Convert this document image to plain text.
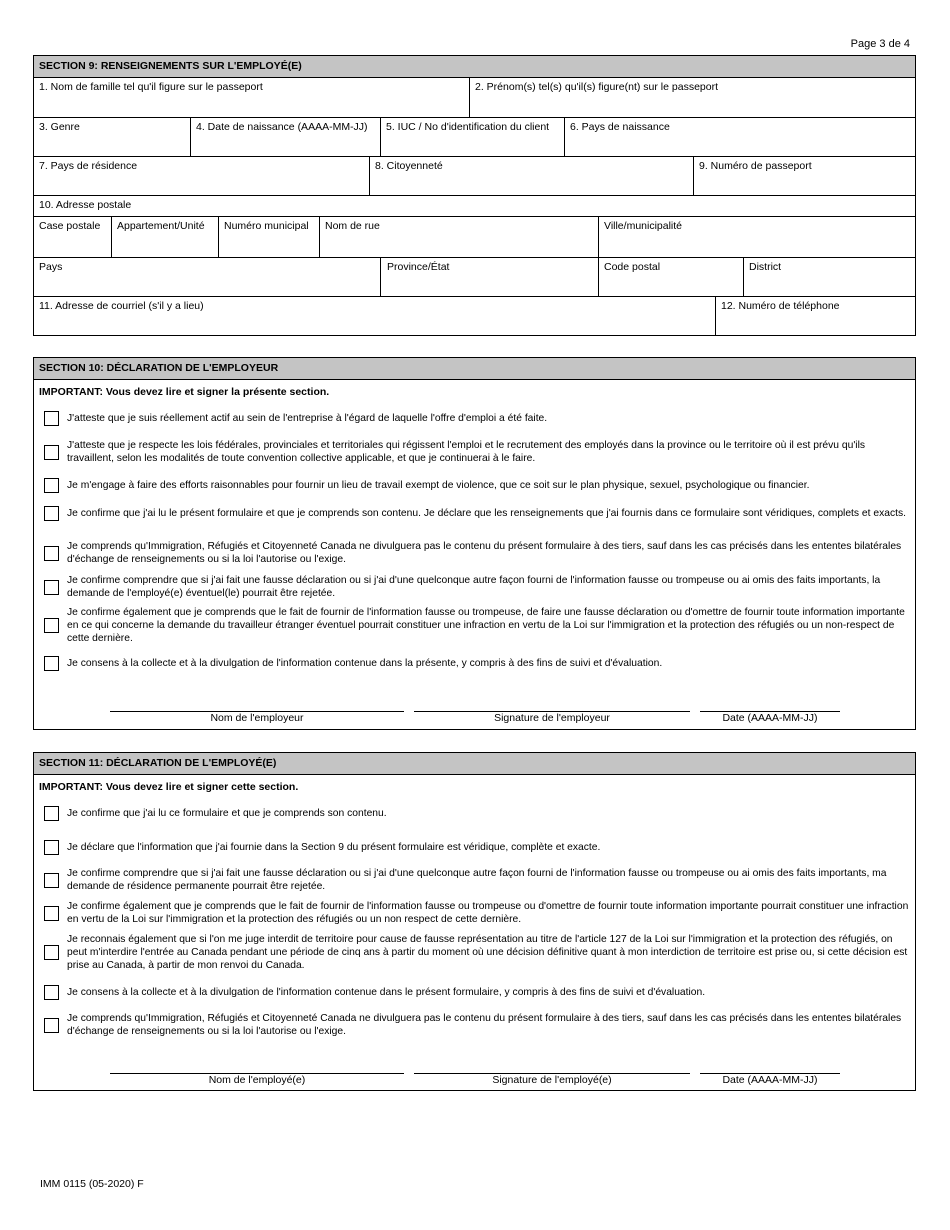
Page 3 de 4
SECTION 9: RENSEIGNEMENTS SUR L'EMPLOYÉ(E)
1. Nom de famille tel qu'il figure sur le passeport	2. Prénom(s) tel(s) qu'il(s) figure(nt) sur le passeport
3. Genre	4. Date de naissance (AAAA-MM-JJ)	5. IUC / No d'identification du client	6. Pays de naissance
7. Pays de résidence	8. Citoyenneté	9. Numéro de passeport
10. Adresse postale
Case postale	Appartement/Unité	Numéro municipal	Nom de rue	Ville/municipalité
Pays	Province/État	Code postal	District
11. Adresse de courriel (s'il y a lieu)	12. Numéro de téléphone
SECTION 10: DÉCLARATION DE L'EMPLOYEUR
IMPORTANT: Vous devez lire et signer la présente section.
J'atteste que je suis réellement actif au sein de l'entreprise à l'égard de laquelle l'offre d'emploi a été faite.
J'atteste que je respecte les lois fédérales, provinciales et territoriales qui régissent l'emploi et le recrutement des employés dans la province ou le territoire où il est prévu qu'ils travaillent, selon les modalités de toute convention collective applicable, et que je continuerai à le faire.
Je m'engage à faire des efforts raisonnables pour fournir un lieu de travail exempt de violence, que ce soit sur le plan physique, sexuel, psychologique ou financier.
Je confirme que j'ai lu le présent formulaire et que je comprends son contenu. Je déclare que les renseignements que j'ai fournis dans ce formulaire sont véridiques, complets et exacts.
Je comprends qu'Immigration, Réfugiés et Citoyenneté Canada ne divulguera pas le contenu du présent formulaire à des tiers, sauf dans les cas précisés dans les ententes bilatérales d'échange de renseignements ou si la loi l'autorise ou l'exige.
Je confirme comprendre que si j'ai fait une fausse déclaration ou si j'ai d'une quelconque autre façon fourni de l'information fausse ou trompeuse ou ai omis des faits importants, la demande de l'employé(e) éventuel(le) pourrait être rejetée.
Je confirme également que je comprends que le fait de fournir de l'information fausse ou trompeuse, de faire une fausse déclaration ou d'omettre de fournir toute information importante en ce qui concerne la demande du travailleur étranger éventuel pourrait constituer une infraction en vertu de la Loi sur l'immigration et la protection des réfugiés ou un non-respect de cette dernière.
Je consens à la collecte et à la divulgation de l'information contenue dans la présente, y compris à des fins de suivi et d'évaluation.
Nom de l'employeur	Signature de l'employeur	Date (AAAA-MM-JJ)
SECTION 11: DÉCLARATION DE L'EMPLOYÉ(E)
IMPORTANT: Vous devez lire et signer cette section.
Je confirme que j'ai lu ce formulaire et que je comprends son contenu.
Je déclare que l'information que j'ai fournie dans la Section 9 du présent formulaire est véridique, complète et exacte.
Je confirme comprendre que si j'ai fait une fausse déclaration ou si j'ai d'une quelconque autre façon fourni de l'information fausse ou trompeuse ou ai omis des faits importants, ma demande de résidence permanente pourrait être rejetée.
Je confirme également que je comprends que le fait de fournir de l'information fausse ou trompeuse ou d'omettre de fournir toute information importante pourrait constituer une infraction en vertu de la Loi sur l'immigration et la protection des réfugiés ou un non respect de cette dernière.
Je reconnais également que si l'on me juge interdit de territoire pour cause de fausse représentation au titre de l'article 127 de la Loi sur l'immigration et la protection des réfugiés, on peut m'interdire l'entrée au Canada pendant une période de cinq ans à partir du moment où une décision définitive quant à mon interdiction de territoire est prise ou, si cette décision est prise au Canada, à partir de mon renvoi du Canada.
Je consens à la collecte et à la divulgation de l'information contenue dans le présent formulaire, y compris à des fins de suivi et d'évaluation.
Je comprends qu'Immigration, Réfugiés et Citoyenneté Canada ne divulguera pas le contenu du présent formulaire à des tiers, sauf dans les cas précisés dans les ententes bilatérales d'échange de renseignements ou si la loi l'autorise ou l'exige.
Nom de l'employé(e)	Signature de l'employé(e)	Date (AAAA-MM-JJ)
IMM 0115 (05-2020) F
